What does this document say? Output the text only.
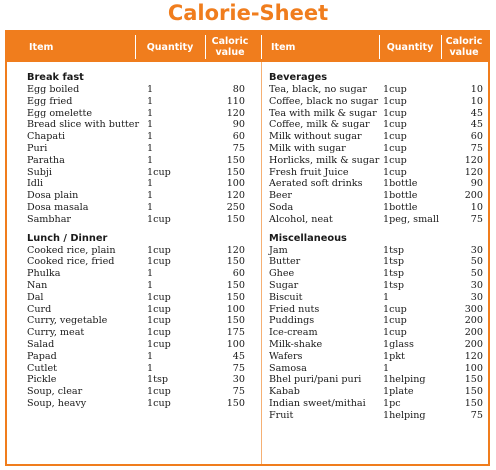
Calorie-Sheet
Item	Quantity	Caloric value	Item	Quantity	Caloric value
Break fast
Egg boiled	1	80
Egg fried	1	110
Egg omelette	1	120
Bread slice with butter 1	90
Chapati	1	60
Puri	1	75
Paratha	1	150
Subji	1cup	150
Idli	1	100
Dosa plain	1	120
Dosa masala	1	250
Sambhar	1cup	150
Lunch / Dinner
Cooked rice, plain	1cup	120
Cooked rice, fried	1cup	150
Phulka	1	60
Nan	1	150
Dal	1cup	150
Curd	1cup	100
Curry, vegetable	1cup	150
Curry, meat	1cup	175
Salad	1cup	100
Papad	1	45
Cutlet	1	75
Pickle	1tsp	30
Soup, clear	1cup	75
Soup, heavy	1cup	150
Beverages
Tea, black, no sugar 1cup	10
Coffee, black no sugar 1cup	10
Tea with milk & sugar 1cup	45
Coffee, milk & sugar 1cup	45
Milk without sugar 1cup	60
Milk with sugar	1cup	75
Horlicks, milk & sugar 1cup	120
Fresh fruit Juice	1cup	120
Aerated soft drinks 1bottle	90
Beer	1bottle	200
Soda	1bottle	10
Alcohol, neat	1peg, small	75
Miscellaneous
Jam	1tsp	30
Butter	1tsp	50
Ghee	1tsp	50
Sugar	1tsp	30
Biscuit	1	30
Fried nuts	1cup	300
Puddings	1cup	200
Ice-cream	1cup	200
Milk-shake	1glass	200
Wafers	1pkt	120
Samosa	1	100
Bhel puri/pani puri 1helping	150
Kabab	1plate	150
Indian sweet/mithai 1pc	150
Fruit	1helping	75
